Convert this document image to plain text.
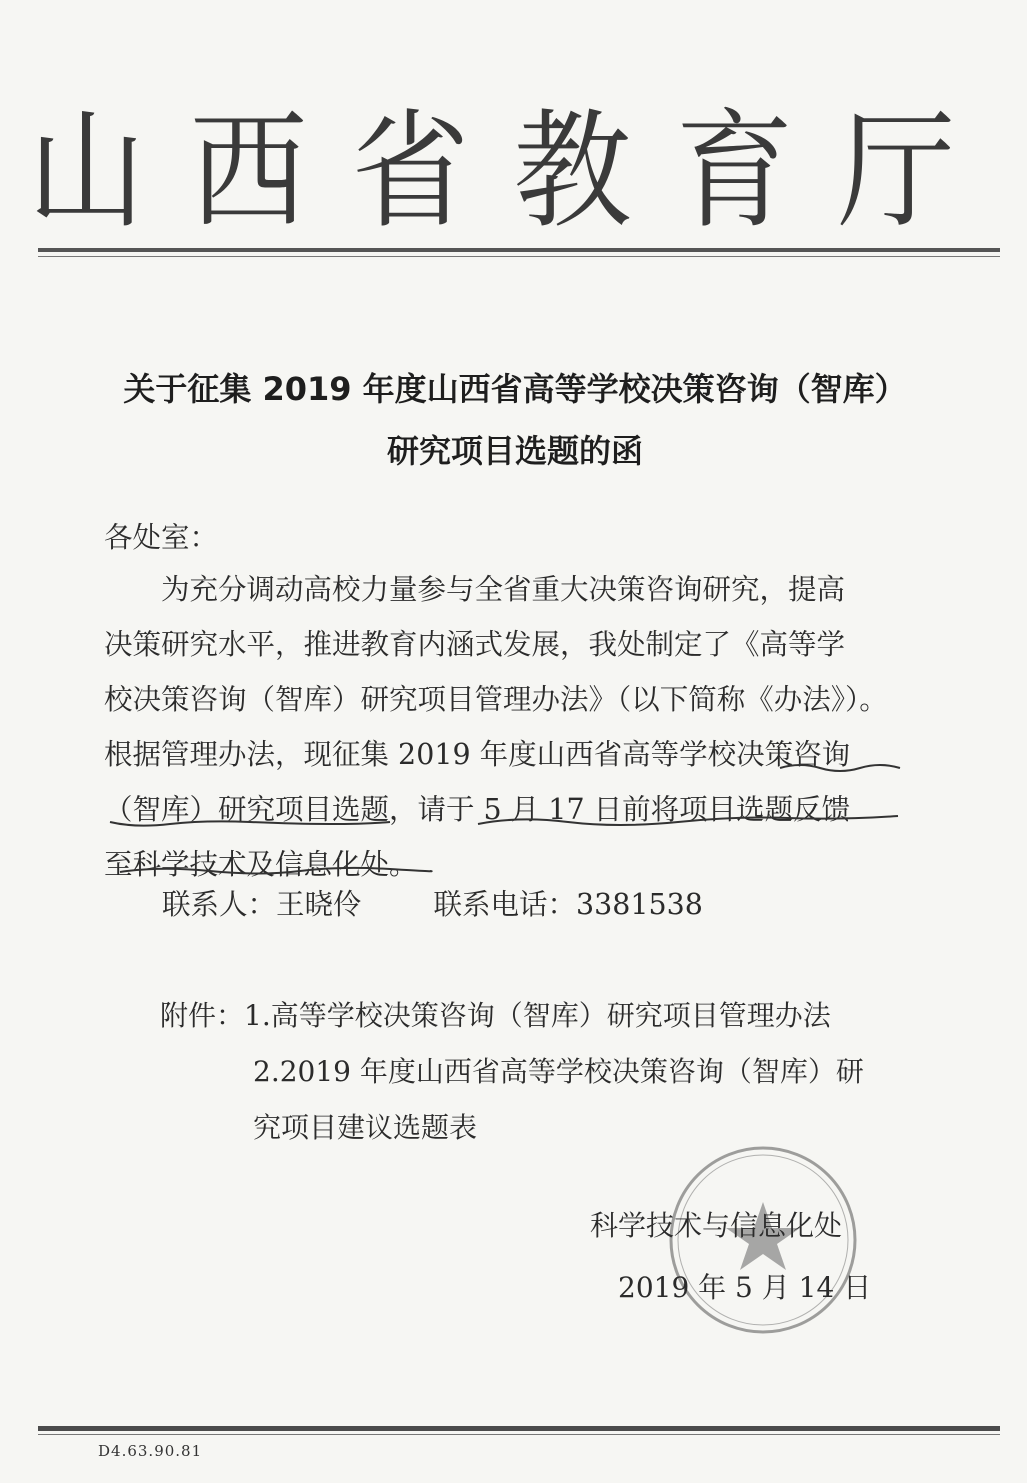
山西省教育厅
关于征集 2019 年度山西省高等学校决策咨询（智库）
研究项目选题的函
各处室：
为充分调动高校力量参与全省重大决策咨询研究，提高
决策研究水平，推进教育内涵式发展，我处制定了《高等学
校决策咨询（智库）研究项目管理办法》（以下简称《办法》）。
根据管理办法，现征集 2019 年度山西省高等学校决策咨询
（智库）研究项目选题，请于 5 月 17 日前将项目选题反馈
至科学技术及信息化处。
联系人：王晓伶	联系电话：3381538
附件：1.高等学校决策咨询（智库）研究项目管理办法
2.2019 年度山西省高等学校决策咨询（智库）研
究项目建议选题表
科学技术与信息化处
2019 年 5 月 14 日
D4.63.90.81
